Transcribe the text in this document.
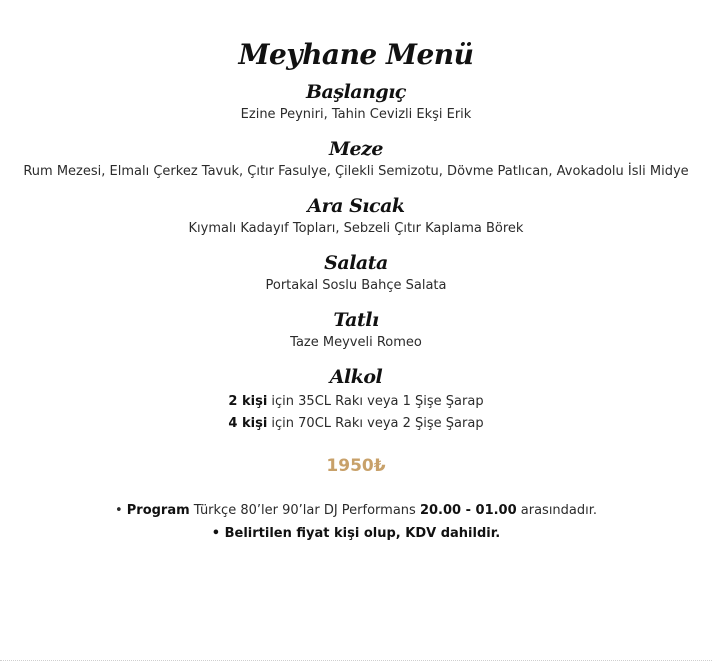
Meyhane Menü
Başlangıç
Ezine Peyniri, Tahin Cevizli Ekşi Erik
Meze
Rum Mezesi, Elmalı Çerkez Tavuk, Çıtır Fasulye, Çilekli Semizotu, Dövme Patlıcan, Avokadolu İsli Midye
Ara Sıcak
Kıymalı Kadayıf Topları, Sebzeli Çıtır Kaplama Börek
Salata
Portakal Soslu Bahçe Salata
Tatlı
Taze Meyveli Romeo
Alkol
2 kişi için 35CL Rakı veya 1 Şişe Şarap
4 kişi için 70CL Rakı veya 2 Şişe Şarap
1950₺
• Program Türkçe 80’ler 90’lar DJ Performans 20.00 - 01.00 arasındadır.
• Belirtilen fiyat kişi olup, KDV dahildir.
